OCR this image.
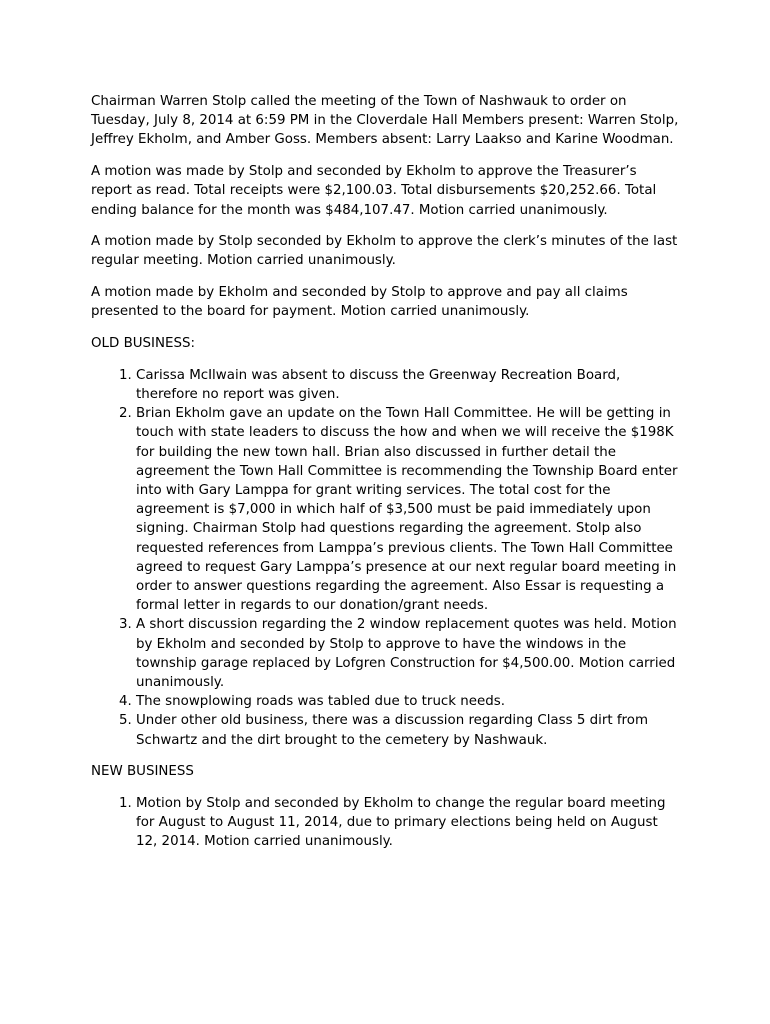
Chairman Warren Stolp called the meeting of the Town of Nashwauk to order on Tuesday, July 8, 2014 at 6:59 PM in the Cloverdale Hall Members present: Warren Stolp, Jeffrey Ekholm, and Amber Goss. Members absent: Larry Laakso and Karine Woodman.

A motion was made by Stolp and seconded by Ekholm to approve the Treasurer’s report as read. Total receipts were $2,100.03. Total disbursements $20,252.66. Total ending balance for the month was $484,107.47. Motion carried unanimously.

A motion made by Stolp seconded by Ekholm to approve the clerk’s minutes of the last regular meeting. Motion carried unanimously.

A motion made by Ekholm and seconded by Stolp to approve and pay all claims presented to the board for payment. Motion carried unanimously.

OLD BUSINESS:
1. Carissa McIlwain was absent to discuss the Greenway Recreation Board, therefore no report was given.
2. Brian Ekholm gave an update on the Town Hall Committee. He will be getting in touch with state leaders to discuss the how and when we will receive the $198K for building the new town hall. Brian also discussed in further detail the agreement the Town Hall Committee is recommending the Township Board enter into with Gary Lamppa for grant writing services. The total cost for the agreement is $7,000 in which half of $3,500 must be paid immediately upon signing. Chairman Stolp had questions regarding the agreement. Stolp also requested references from Lamppa’s previous clients. The Town Hall Committee agreed to request Gary Lamppa’s presence at our next regular board meeting in order to answer questions regarding the agreement. Also Essar is requesting a formal letter in regards to our donation/grant needs.
3. A short discussion regarding the 2 window replacement quotes was held. Motion by Ekholm and seconded by Stolp to approve to have the windows in the township garage replaced by Lofgren Construction for $4,500.00. Motion carried unanimously.
4. The snowplowing roads was tabled due to truck needs.
5. Under other old business, there was a discussion regarding Class 5 dirt from Schwartz and the dirt brought to the cemetery by Nashwauk.
NEW BUSINESS
1. Motion by Stolp and seconded by Ekholm to change the regular board meeting for August to August 11, 2014, due to primary elections being held on August 12, 2014. Motion carried unanimously.
